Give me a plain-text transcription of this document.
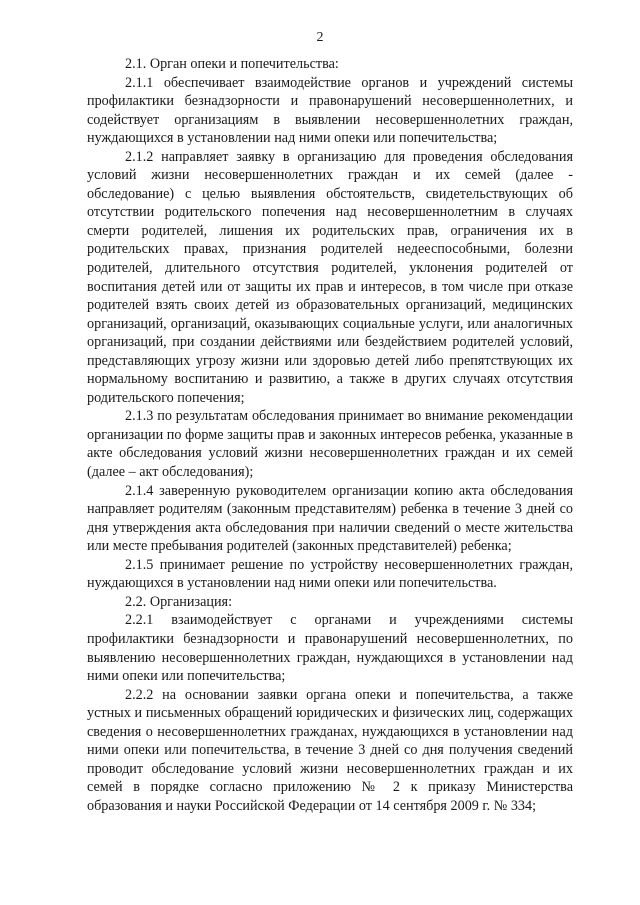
2

2.1. Орган опеки и попечительства:

2.1.1 обеспечивает взаимодействие органов и учреждений системы профилактики безнадзорности и правонарушений несовершеннолетних, и содействует организациям в выявлении несовершеннолетних граждан, нуждающихся в установлении над ними опеки или попечительства;

2.1.2 направляет заявку в организацию для проведения обследования условий жизни несовершеннолетних граждан и их семей (далее - обследование) с целью выявления обстоятельств, свидетельствующих об отсутствии родительского попечения над несовершеннолетним в случаях смерти родителей, лишения их родительских прав, ограничения их в родительских правах, признания родителей недееспособными, болезни родителей, длительного отсутствия родителей, уклонения родителей от воспитания детей или от защиты их прав и интересов, в том числе при отказе родителей взять своих детей из образовательных организаций, медицинских организаций, организаций, оказывающих социальные услуги, или аналогичных организаций, при создании действиями или бездействием родителей условий, представляющих угрозу жизни или здоровью детей либо препятствующих их нормальному воспитанию и развитию, а также в других случаях отсутствия родительского попечения;

2.1.3 по результатам обследования принимает во внимание рекомендации организации по форме защиты прав и законных интересов ребенка, указанные в акте обследования условий жизни несовершеннолетних граждан и их семей (далее – акт обследования);

2.1.4 заверенную руководителем организации копию акта обследования направляет родителям (законным представителям) ребенка в течение 3 дней со дня утверждения акта обследования при наличии сведений о месте жительства или месте пребывания родителей (законных представителей) ребенка;

2.1.5 принимает решение по устройству несовершеннолетних граждан, нуждающихся в установлении над ними опеки или попечительства.

2.2. Организация:

2.2.1 взаимодействует с органами и учреждениями системы профилактики безнадзорности и правонарушений несовершеннолетних, по выявлению несовершеннолетних граждан, нуждающихся в установлении над ними опеки или попечительства;

2.2.2 на основании заявки органа опеки и попечительства, а также устных и письменных обращений юридических и физических лиц, содержащих сведения о несовершеннолетних гражданах, нуждающихся в установлении над ними опеки или попечительства, в течение 3 дней со дня получения сведений проводит обследование условий жизни несовершеннолетних граждан и их семей в порядке согласно приложению № 2 к приказу Министерства образования и науки Российской Федерации от 14 сентября 2009 г. № 334;
